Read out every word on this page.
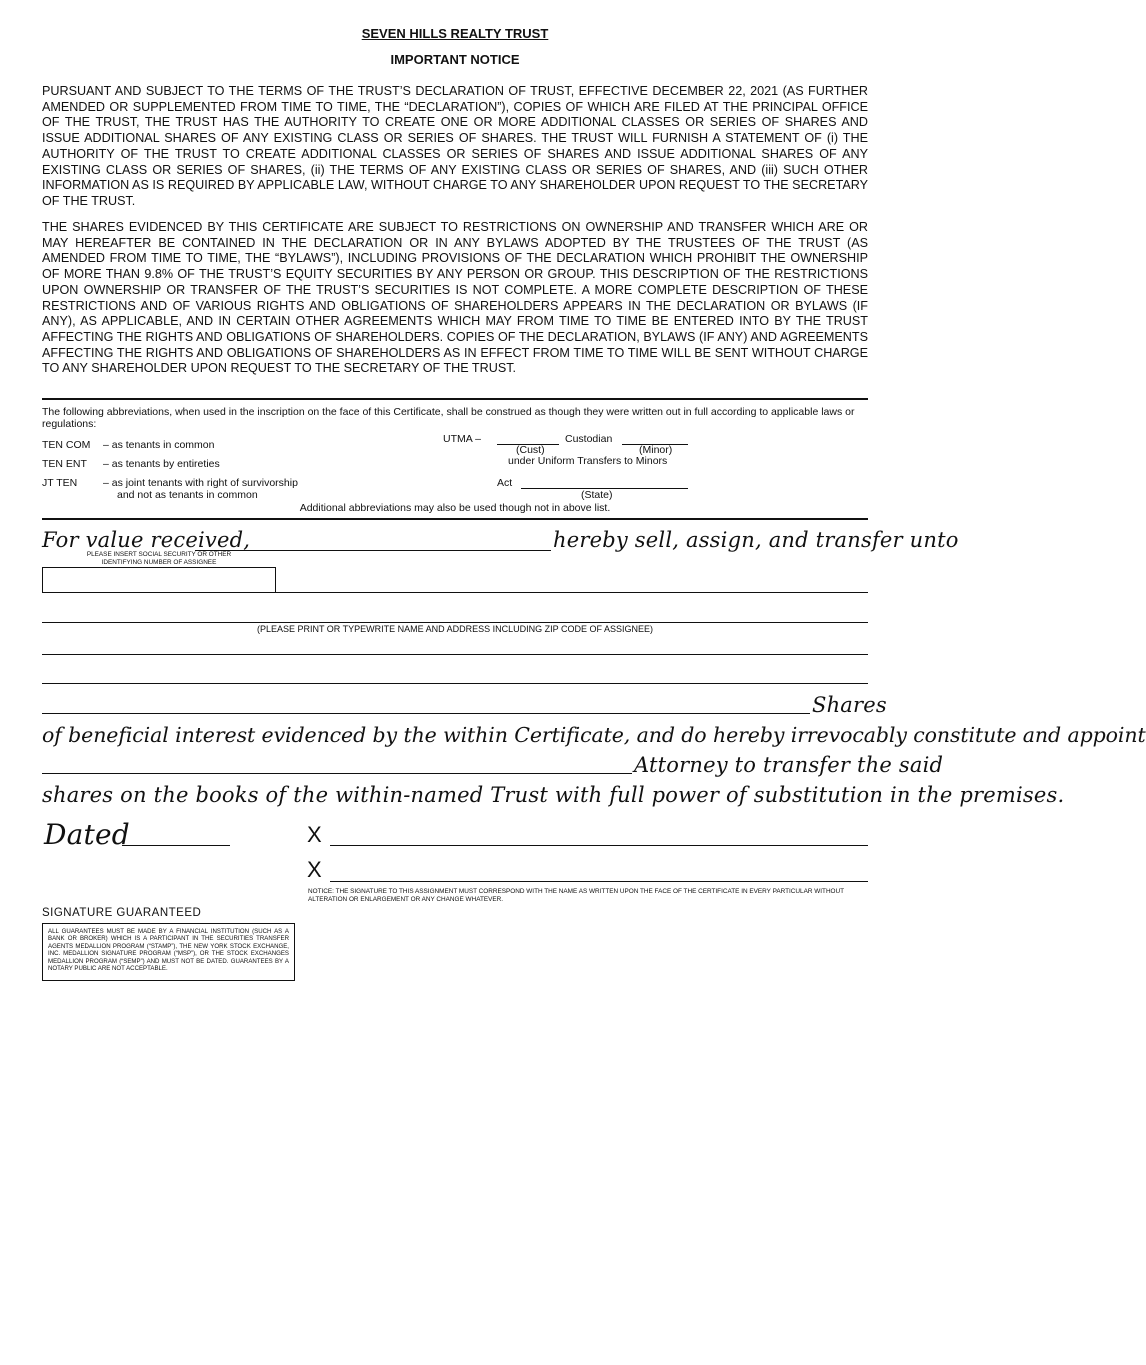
SEVEN HILLS REALTY TRUST
IMPORTANT NOTICE

PURSUANT AND SUBJECT TO THE TERMS OF THE TRUST’S DECLARATION OF TRUST, EFFECTIVE DECEMBER 22, 2021 (AS FURTHER AMENDED OR SUPPLEMENTED FROM TIME TO TIME, THE “DECLARATION”), COPIES OF WHICH ARE FILED AT THE PRINCIPAL OFFICE OF THE TRUST, THE TRUST HAS THE AUTHORITY TO CREATE ONE OR MORE ADDITIONAL CLASSES OR SERIES OF SHARES AND ISSUE ADDITIONAL SHARES OF ANY EXISTING CLASS OR SERIES OF SHARES. THE TRUST WILL FURNISH A STATEMENT OF (i) THE AUTHORITY OF THE TRUST TO CREATE ADDITIONAL CLASSES OR SERIES OF SHARES AND ISSUE ADDITIONAL SHARES OF ANY EXISTING CLASS OR SERIES OF SHARES, (ii) THE TERMS OF ANY EXISTING CLASS OR SERIES OF SHARES, AND (iii) SUCH OTHER INFORMATION AS IS REQUIRED BY APPLICABLE LAW, WITHOUT CHARGE TO ANY SHAREHOLDER UPON REQUEST TO THE SECRETARY OF THE TRUST.

THE SHARES EVIDENCED BY THIS CERTIFICATE ARE SUBJECT TO RESTRICTIONS ON OWNERSHIP AND TRANSFER WHICH ARE OR MAY HEREAFTER BE CONTAINED IN THE DECLARATION OR IN ANY BYLAWS ADOPTED BY THE TRUSTEES OF THE TRUST (AS AMENDED FROM TIME TO TIME, THE “BYLAWS”), INCLUDING PROVISIONS OF THE DECLARATION WHICH PROHIBIT THE OWNERSHIP OF MORE THAN 9.8% OF THE TRUST’S EQUITY SECURITIES BY ANY PERSON OR GROUP. THIS DESCRIPTION OF THE RESTRICTIONS UPON OWNERSHIP OR TRANSFER OF THE TRUST’S SECURITIES IS NOT COMPLETE. A MORE COMPLETE DESCRIPTION OF THESE RESTRICTIONS AND OF VARIOUS RIGHTS AND OBLIGATIONS OF SHAREHOLDERS APPEARS IN THE DECLARATION OR BYLAWS (IF ANY), AS APPLICABLE, AND IN CERTAIN OTHER AGREEMENTS WHICH MAY FROM TIME TO TIME BE ENTERED INTO BY THE TRUST AFFECTING THE RIGHTS AND OBLIGATIONS OF SHAREHOLDERS. COPIES OF THE DECLARATION, BYLAWS (IF ANY) AND AGREEMENTS AFFECTING THE RIGHTS AND OBLIGATIONS OF SHAREHOLDERS AS IN EFFECT FROM TIME TO TIME WILL BE SENT WITHOUT CHARGE TO ANY SHAREHOLDER UPON REQUEST TO THE SECRETARY OF THE TRUST.

The following abbreviations, when used in the inscription on the face of this Certificate, shall be construed as though they were written out in full according to applicable laws or regulations:
TEN COM – as tenants in common
TEN ENT – as tenants by entireties
JT TEN – as joint tenants with right of survivorship
and not as tenants in common
UTMA –	Custodian
(Cust)	(Minor)
under Uniform Transfers to Minors
Act
(State)
Additional abbreviations may also be used though not in above list.
For value received,	hereby sell, assign, and transfer unto
PLEASE INSERT SOCIAL SECURITY OR OTHER
IDENTIFYING NUMBER OF ASSIGNEE
(PLEASE PRINT OR TYPEWRITE NAME AND ADDRESS INCLUDING ZIP CODE OF ASSIGNEE)
Shares
of beneficial interest evidenced by the within Certificate, and do hereby irrevocably constitute and appoint
Attorney to transfer the said
shares on the books of the within-named Trust with full power of substitution in the premises.
Dated	X
X
NOTICE: THE SIGNATURE TO THIS ASSIGNMENT MUST CORRESPOND WITH THE NAME AS WRITTEN UPON THE FACE OF THE CERTIFICATE IN EVERY PARTICULAR WITHOUT ALTERATION OR ENLARGEMENT OR ANY CHANGE WHATEVER.
SIGNATURE GUARANTEED
ALL GUARANTEES MUST BE MADE BY A FINANCIAL INSTITUTION (SUCH AS A BANK OR BROKER) WHICH IS A PARTICIPANT IN THE SECURITIES TRANSFER AGENTS MEDALLION PROGRAM (“STAMP”), THE NEW YORK STOCK EXCHANGE, INC. MEDALLION SIGNATURE PROGRAM (“MSP”), OR THE STOCK EXCHANGES MEDALLION PROGRAM (“SEMP”) AND MUST NOT BE DATED. GUARANTEES BY A NOTARY PUBLIC ARE NOT ACCEPTABLE.
